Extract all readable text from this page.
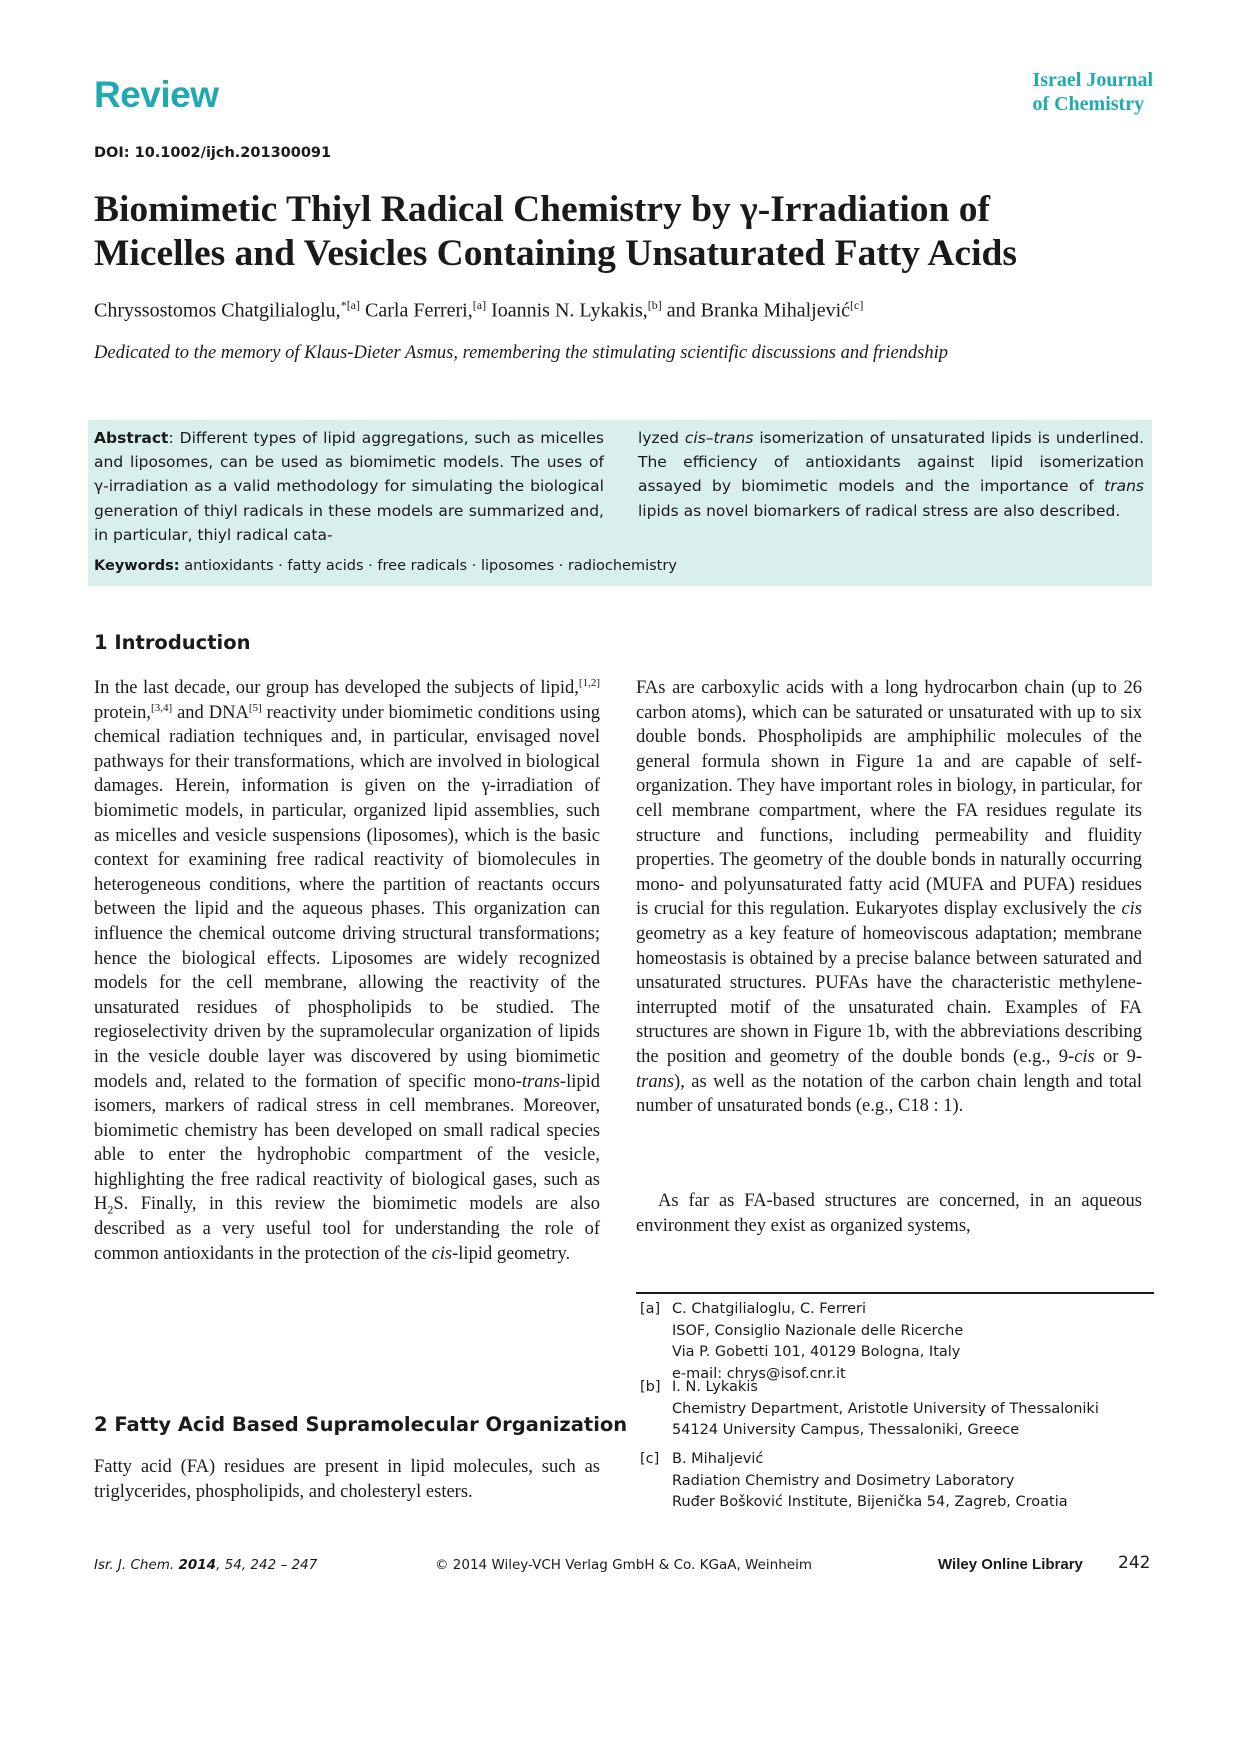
Review	Israel Journal
of Chemistry
DOI: 10.1002/ijch.201300091
Biomimetic Thiyl Radical Chemistry by γ-Irradiation of
Micelles and Vesicles Containing Unsaturated Fatty Acids
Chryssostomos Chatgilialoglu,$^{*[a]}$ Carla Ferreri,[a] Ioannis N. Lykakis,[b] and Branka Mihaljević[c]
Dedicated to the memory of Klaus-Dieter Asmus, remembering the stimulating scientific discussions and friendship
Abstract: Different types of lipid aggregations, such as micelles and liposomes, can be used as biomimetic models. The uses of γ-irradiation as a valid methodology for simulating the biological generation of thiyl radicals in these models are summarized and, in particular, thiyl radical cata-
lyzed cis–trans isomerization of unsaturated lipids is underlined. The efficiency of antioxidants against lipid isomerization assayed by biomimetic models and the importance of trans lipids as novel biomarkers of radical stress are also described.
Keywords: antioxidants · fatty acids · free radicals · liposomes · radiochemistry
1 Introduction
In the last decade, our group has developed the subjects of lipid,[1,2] protein,[3,4] and DNA[5] reactivity under biomimetic conditions using chemical radiation techniques and, in particular, envisaged novel pathways for their transformations, which are involved in biological damages. Herein, information is given on the γ-irradiation of biomimetic models, in particular, organized lipid assemblies, such as micelles and vesicle suspensions (liposomes), which is the basic context for examining free radical reactivity of biomolecules in heterogeneous conditions, where the partition of reactants occurs between the lipid and the aqueous phases. This organization can influence the chemical outcome driving structural transformations; hence the biological effects. Liposomes are widely recognized models for the cell membrane, allowing the reactivity of the unsaturated residues of phospholipids to be studied. The regioselectivity driven by the supramolecular organization of lipids in the vesicle double layer was discovered by using biomimetic models and, related to the formation of specific mono-trans-lipid isomers, markers of radical stress in cell membranes. Moreover, biomimetic chemistry has been developed on small radical species able to enter the hydrophobic compartment of the vesicle, highlighting the free radical reactivity of biological gases, such as $H_2S$. Finally, in this review the biomimetic models are also described as a very useful tool for understanding the role of common antioxidants in the protection of the cis-lipid geometry.
2 Fatty Acid Based Supramolecular Organization
Fatty acid (FA) residues are present in lipid molecules, such as triglycerides, phospholipids, and cholesteryl esters.
FAs are carboxylic acids with a long hydrocarbon chain (up to 26 carbon atoms), which can be saturated or unsaturated with up to six double bonds. Phospholipids are amphiphilic molecules of the general formula shown in Figure 1a and are capable of self-organization. They have important roles in biology, in particular, for cell membrane compartment, where the FA residues regulate its structure and functions, including permeability and fluidity properties. The geometry of the double bonds in naturally occurring mono- and polyunsaturated fatty acid (MUFA and PUFA) residues is crucial for this regulation. Eukaryotes display exclusively the cis geometry as a key feature of homeoviscous adaptation; membrane homeostasis is obtained by a precise balance between saturated and unsaturated structures. PUFAs have the characteristic methylene-interrupted motif of the unsaturated chain. Examples of FA structures are shown in Figure 1b, with the abbreviations describing the position and geometry of the double bonds (e.g., 9-cis or 9-trans), as well as the notation of the carbon chain length and total number of unsaturated bonds (e.g., C18 : 1).
As far as FA-based structures are concerned, in an aqueous environment they exist as organized systems,
[a] C. Chatgilialoglu, C. Ferreri
ISOF, Consiglio Nazionale delle Ricerche
Via P. Gobetti 101, 40129 Bologna, Italy
e-mail: chrys@isof.cnr.it
[b] I. N. Lykakis
Chemistry Department, Aristotle University of Thessaloniki
54124 University Campus, Thessaloniki, Greece
[c] B. Mihaljević
Radiation Chemistry and Dosimetry Laboratory
Ruđer Bošković Institute, Bijenička 54, Zagreb, Croatia
Isr. J. Chem. 2014, 54, 242 – 247	© 2014 Wiley-VCH Verlag GmbH & Co. KGaA, Weinheim	Wiley Online Library 242
